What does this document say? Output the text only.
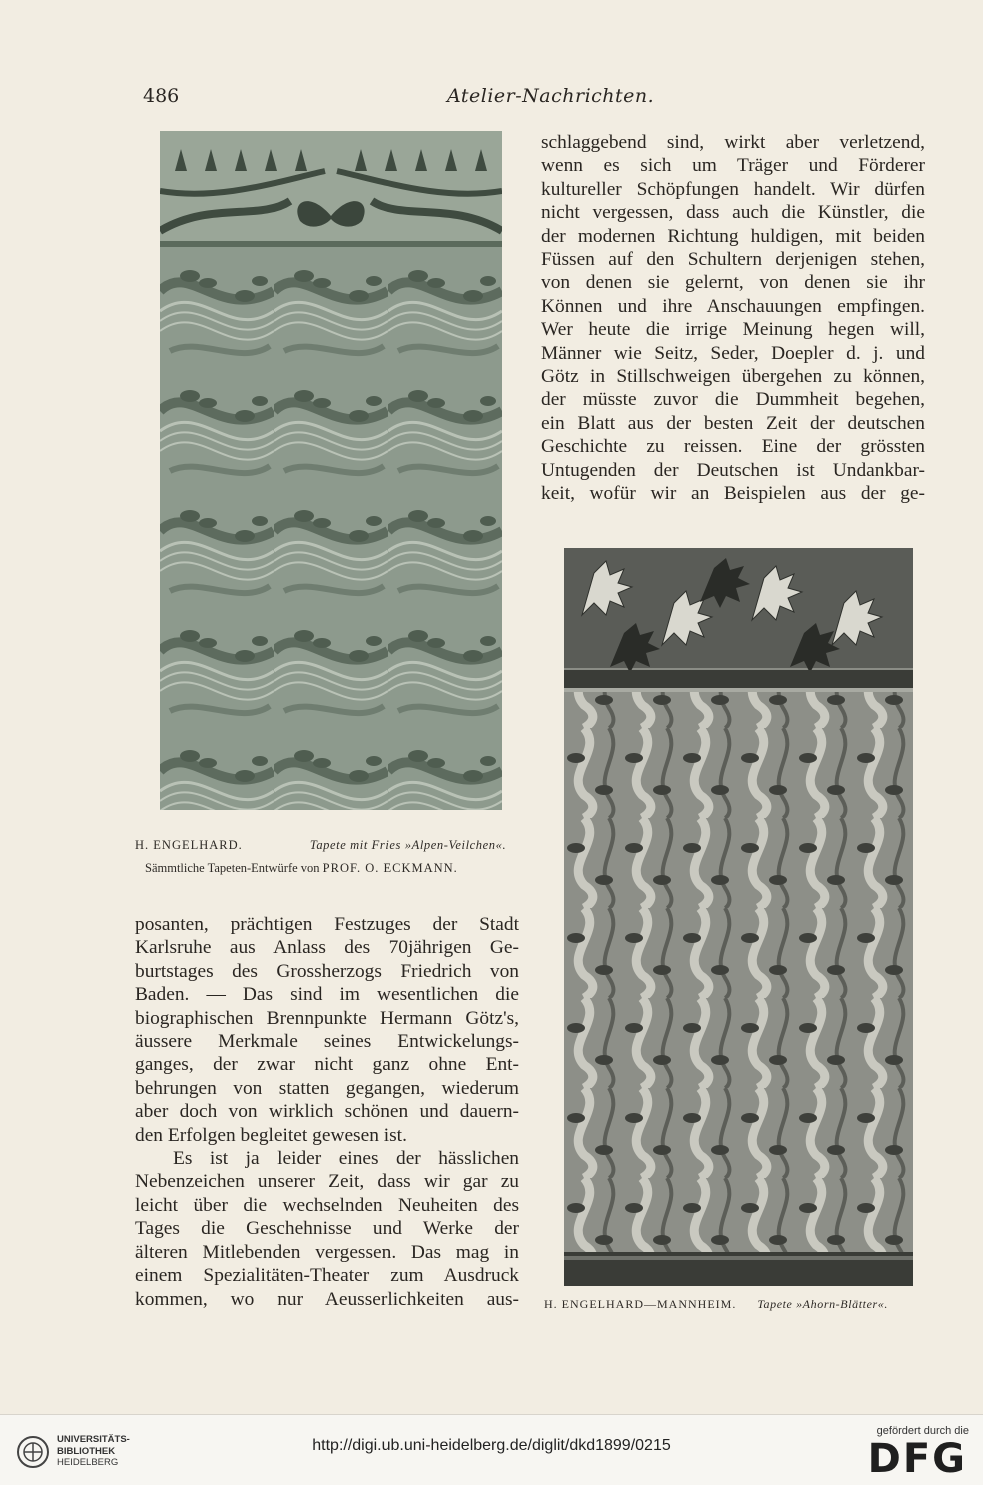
486	Atelier-Nachrichten.
H. ENGELHARD.	Tapete mit Fries »Alpen-Veilchen«.
Sämmtliche Tapeten-Entwürfe von PROF. O. ECKMANN.
H. ENGELHARD—MANNHEIM. Tapete »Ahorn-Blätter«.
schlaggebend sind, wirkt aber verletzend,
wenn es sich um Träger und Förderer
kultureller Schöpfungen handelt. Wir dürfen
nicht vergessen, dass auch die Künstler, die
der modernen Richtung huldigen, mit beiden
Füssen auf den Schultern derjenigen stehen,
von denen sie gelernt, von denen sie ihr
Können und ihre Anschauungen empfingen.
Wer heute die irrige Meinung hegen will,
Männer wie Seitz, Seder, Doepler d. j. und
Götz in Stillschweigen übergehen zu können,
der müsste zuvor die Dummheit begehen,
ein Blatt aus der besten Zeit der deutschen
Geschichte zu reissen. Eine der grössten
Untugenden der Deutschen ist Undankbar-
keit, wofür wir an Beispielen aus der ge-
posanten, prächtigen Festzuges der Stadt
Karlsruhe aus Anlass des 70jährigen Ge-
burtstages des Grossherzogs Friedrich von
Baden. — Das sind im wesentlichen die
biographischen Brennpunkte Hermann Götz's,
äussere Merkmale seines Entwickelungs-
ganges, der zwar nicht ganz ohne Ent-
behrungen von statten gegangen, wiederum
aber doch von wirklich schönen und dauern-
den Erfolgen begleitet gewesen ist.
Es ist ja leider eines der hässlichen
Nebenzeichen unserer Zeit, dass wir gar zu
leicht über die wechselnden Neuheiten des
Tages die Geschehnisse und Werke der
älteren Mitlebenden vergessen. Das mag in
einem Spezialitäten-Theater zum Ausdruck
kommen, wo nur Aeusserlichkeiten aus-
UNIVERSITÄTS-
BIBLIOTHEK
HEIDELBERG
http://digi.ub.uni-heidelberg.de/diglit/dkd1899/0215
gefördert durch die
DFG
